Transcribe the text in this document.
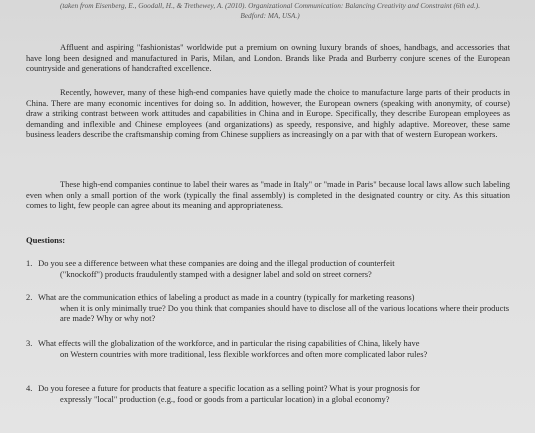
(taken from Eisenberg, E., Goodall, H., & Trethewey, A. (2010). Organizational Communication: Balancing Creativity and Constraint (6th ed.).
Bedford: MA, USA.)

Affluent and aspiring "fashionistas" worldwide put a premium on owning luxury brands of shoes, handbags, and accessories that have long been designed and manufactured in Paris, Milan, and London. Brands like Prada and Burberry conjure scenes of the European countryside and generations of handcrafted excellence.

Recently, however, many of these high-end companies have quietly made the choice to manufacture large parts of their products in China. There are many economic incentives for doing so. In addition, however, the European owners (speaking with anonymity, of course) draw a striking contrast between work attitudes and capabilities in China and in Europe. Specifically, they describe European employees as demanding and inflexible and Chinese employees (and organizations) as speedy, responsive, and highly adaptive. Moreover, these same business leaders describe the craftsmanship coming from Chinese suppliers as increasingly on a par with that of western European workers.

These high-end companies continue to label their wares as "made in Italy" or "made in Paris" because local laws allow such labeling even when only a small portion of the work (typically the final assembly) is completed in the designated country or city. As this situation comes to light, few people can agree about its meaning and appropriateness.

Questions:
1. Do you see a difference between what these companies are doing and the illegal production of counterfeit
("knockoff") products fraudulently stamped with a designer label and sold on street corners?
2. What are the communication ethics of labeling a product as made in a country (typically for marketing reasons)
when it is only minimally true? Do you think that companies should have to disclose all of the various locations where their products are made? Why or why not?
3. What effects will the globalization of the workforce, and in particular the rising capabilities of China, likely have
on Western countries with more traditional, less flexible workforces and often more complicated labor rules?
4. Do you foresee a future for products that feature a specific location as a selling point? What is your prognosis for
expressly "local" production (e.g., food or goods from a particular location) in a global economy?
